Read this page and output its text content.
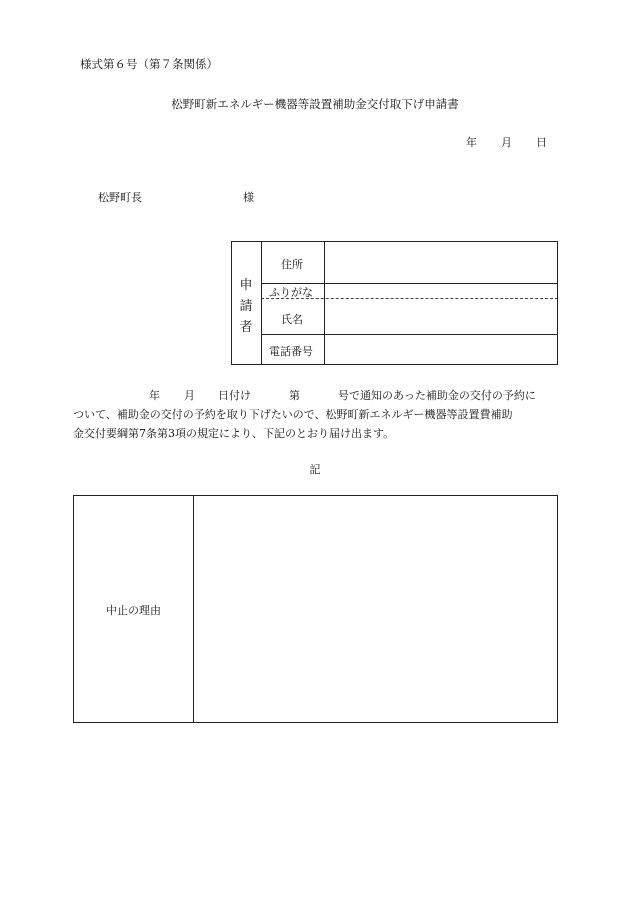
様式第６号（第７条関係）
松野町新エネルギー機器等設置補助金交付取下げ申請書
年 月 日
松野町長	様
申
請
者
住所
ふりがな
氏名
電話番号
年 月 日付け	第	号で通知のあった補助金の交付の予約に
ついて、補助金の交付の予約を取り下げたいので、松野町新エネルギー機器等設置費補助
金交付要綱第7条第3項の規定により、下記のとおり届け出ます。
記
中止の理由
